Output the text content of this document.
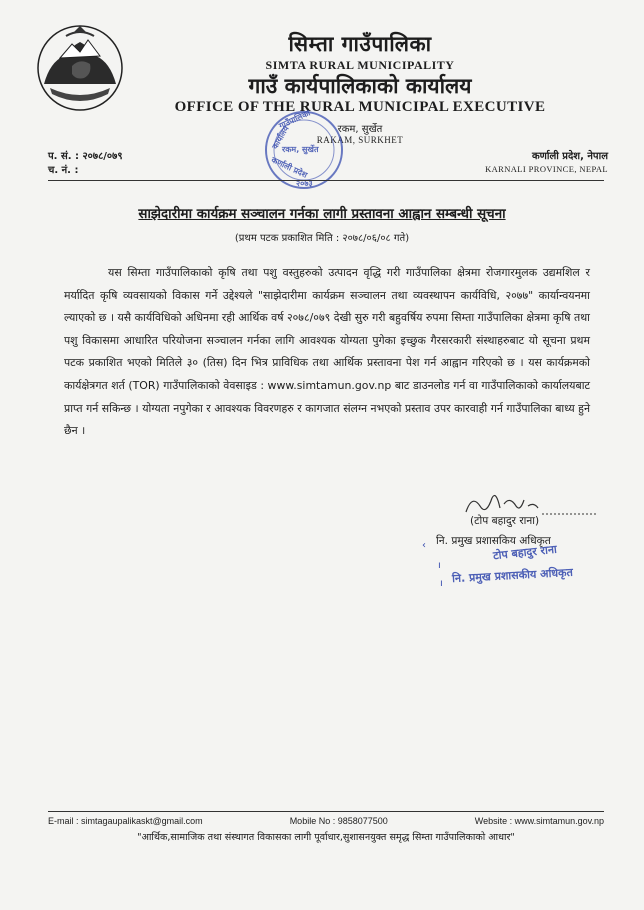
सिम्ता गाउँपालिका
SIMTA RURAL MUNICIPALITY
गाउँ कार्यपालिकाको कार्यालय
OFFICE OF THE RURAL MUNICIPAL EXECUTIVE
रकम, सुर्खेत
RAKAM, SURKHET
प. सं. : २०७८/०७९
च. नं. :
कर्णाली प्रदेश, नेपाल
KARNALI PROVINCE, NEPAL
गाउँपालिका
कार्यालय
रकम, सुर्खेत
कर्णाली प्रदेश
२०७३
साझेदारीमा कार्यक्रम सञ्चालन गर्नका लागी प्रस्तावना आह्वान सम्बन्धी सूचना
(प्रथम पटक प्रकाशित मिति : २०७८/०६/०८ गते)
यस सिम्ता गाउँपालिकाको कृषि तथा पशु वस्तुहरुको उत्पादन वृद्धि गरी गाउँपालिका क्षेत्रमा रोजगारमुलक उद्यमशिल र मर्यादित कृषि व्यवसायको विकास गर्ने उद्देश्यले "साझेदारीमा कार्यक्रम सञ्चालन तथा व्यवस्थापन कार्यविधि, २०७७" कार्यान्वयनमा ल्याएको छ । यसै कार्यविधिको अधिनमा रही आर्थिक वर्ष २०७८/०७९ देखी सुरु गरी बहुवर्षिय रुपमा सिम्ता गाउँपालिका क्षेत्रमा कृषि तथा पशु विकासमा आधारित परियोजना सञ्चालन गर्नका लागि आवश्यक योग्यता पुगेका इच्छुक गैरसरकारी संस्थाहरुबाट यो सूचना प्रथम पटक प्रकाशित भएको मितिले ३० (तिस) दिन भित्र प्राविधिक तथा आर्थिक प्रस्तावना पेश गर्न आह्वान गरिएको छ । यस कार्यक्रमको कार्यक्षेत्रगत शर्त (TOR) गाउँपालिकाको वेवसाइड : www.simtamun.gov.np बाट डाउनलोड गर्न वा गाउँपालिकाको कार्यालयबाट प्राप्त गर्न सकिन्छ । योग्यता नपुगेका र आवश्यक विवरणहरु र कागजात संलग्न नभएको प्रस्ताव उपर कारवाही गर्न गाउँपालिका बाध्य हुने छैन ।
(टोप बहादुर राना)
नि. प्रमुख प्रशासकिय अधिकृत
टोप बहादुर राना
नि. प्रमुख प्रशासकीय अधिकृत
‹
ı
ı
E-mail : simtagaupalikaskt@gmail.com	Mobile No : 9858077500	Website : www.simtamun.gov.np
"आर्थिक,सामाजिक तथा संस्थागत विकासका लागी पूर्वाधार,सुशासनयुक्त समृद्ध सिम्ता गाउँपालिकाको आधार"
